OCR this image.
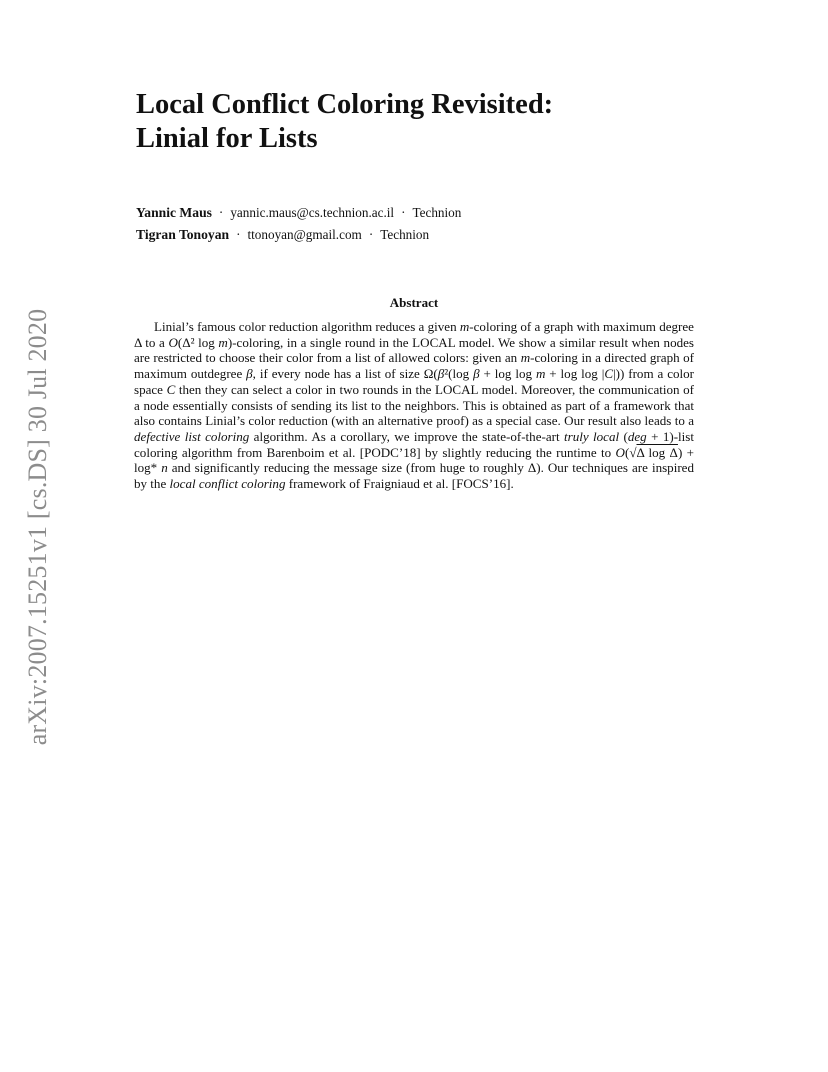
arXiv:2007.15251v1 [cs.DS] 30 Jul 2020

Local Conflict Coloring Revisited:

Linial for Lists

Yannic Maus · yannic.maus@cs.technion.ac.il · Technion
Tigran Tonoyan · ttonoyan@gmail.com · Technion
Abstract

Linial’s famous color reduction algorithm reduces a given m-coloring of a graph with maximum degree Δ to a O(Δ² log m)-coloring, in a single round in the LOCAL model. We show a similar result when nodes are restricted to choose their color from a list of allowed colors: given an m-coloring in a directed graph of maximum outdegree β, if every node has a list of size Ω(β²(log β + log log m + log log |C|)) from a color space C then they can select a color in two rounds in the LOCAL model. Moreover, the communication of a node essentially consists of sending its list to the neighbors. This is obtained as part of a framework that also contains Linial’s color reduction (with an alternative proof) as a special case. Our result also leads to a defective list coloring algorithm. As a corollary, we improve the state-of-the-art truly local (deg + 1)-list coloring algorithm from Barenboim et al. [PODC’18] by slightly reducing the runtime to O(√Δ log Δ) + log* n and significantly reducing the message size (from huge to roughly Δ). Our techniques are inspired by the local conflict coloring framework of Fraigniaud et al. [FOCS’16].
